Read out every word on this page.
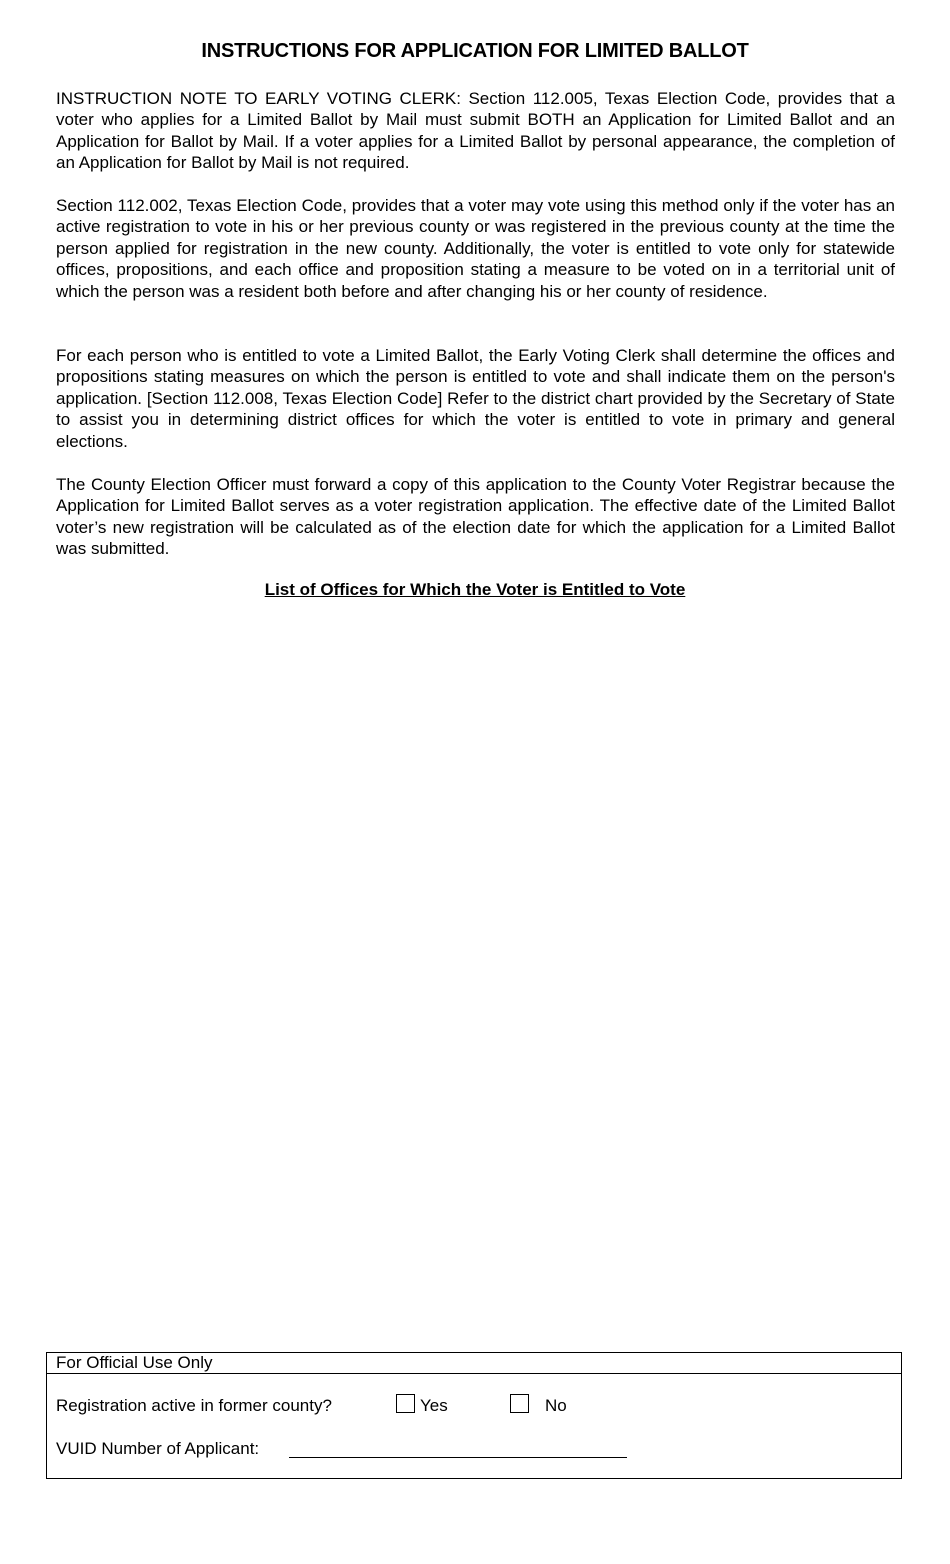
INSTRUCTIONS FOR APPLICATION FOR LIMITED BALLOT

INSTRUCTION NOTE TO EARLY VOTING CLERK: Section 112.005, Texas Election Code, provides that a voter who applies for a Limited Ballot by Mail must submit BOTH an Application for Limited Ballot and an Application for Ballot by Mail. If a voter applies for a Limited Ballot by personal appearance, the completion of an Application for Ballot by Mail is not required.

Section 112.002, Texas Election Code, provides that a voter may vote using this method only if the voter has an active registration to vote in his or her previous county or was registered in the previous county at the time the person applied for registration in the new county. Additionally, the voter is entitled to vote only for statewide offices, propositions, and each office and proposition stating a measure to be voted on in a territorial unit of which the person was a resident both before and after changing his or her county of residence.

For each person who is entitled to vote a Limited Ballot, the Early Voting Clerk shall determine the offices and propositions stating measures on which the person is entitled to vote and shall indicate them on the person's application. [Section 112.008, Texas Election Code] Refer to the district chart provided by the Secretary of State to assist you in determining district offices for which the voter is entitled to vote in primary and general elections.

The County Election Officer must forward a copy of this application to the County Voter Registrar because the Application for Limited Ballot serves as a voter registration application. The effective date of the Limited Ballot voter’s new registration will be calculated as of the election date for which the application for a Limited Ballot was submitted.

List of Offices for Which the Voter is Entitled to Vote
For Official Use Only
Registration active in former county?	Yes	No
VUID Number of Applicant:
